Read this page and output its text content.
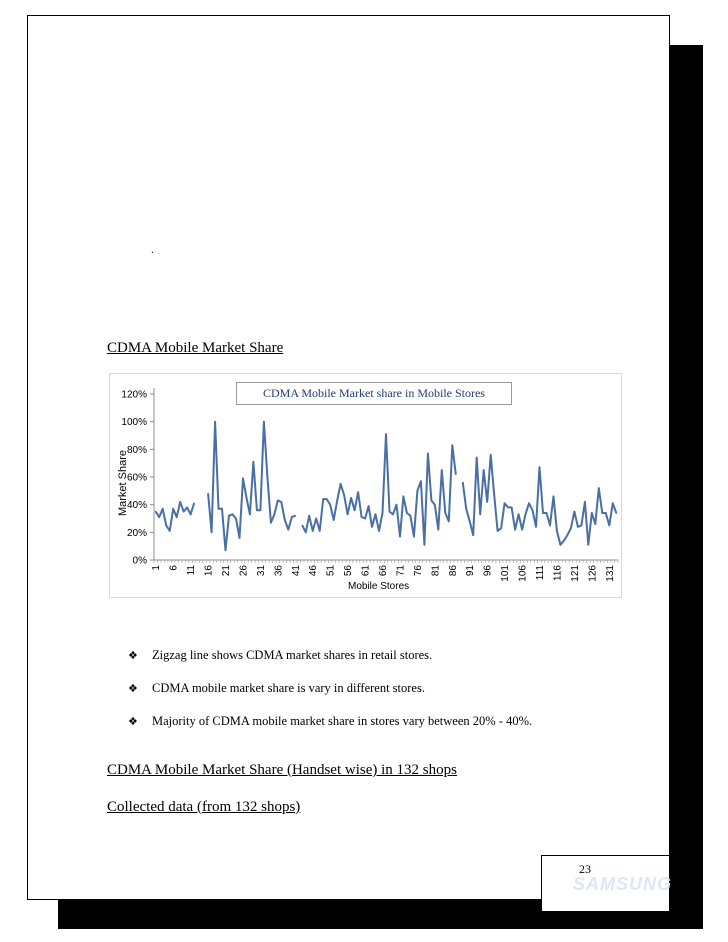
.
CDMA Mobile Market Share
0%
20%
40%
60%
80%
100%
120%
1 6 11 16 21 26 31 36 41 46 51 56 61 66 71 76 81 86 91 96 101 106 111 116 121 126 131
CDMA Mobile Market share in Mobile Stores
Market Share
Mobile Stores
❖	Zigzag line shows CDMA market shares in retail stores.
❖	CDMA mobile market share is vary in different stores.
❖	Majority of CDMA mobile market share in stores vary between 20% - 40%.
CDMA Mobile Market Share (Handset wise) in 132 shops
Collected data (from 132 shops)
23
SAMSUNG
